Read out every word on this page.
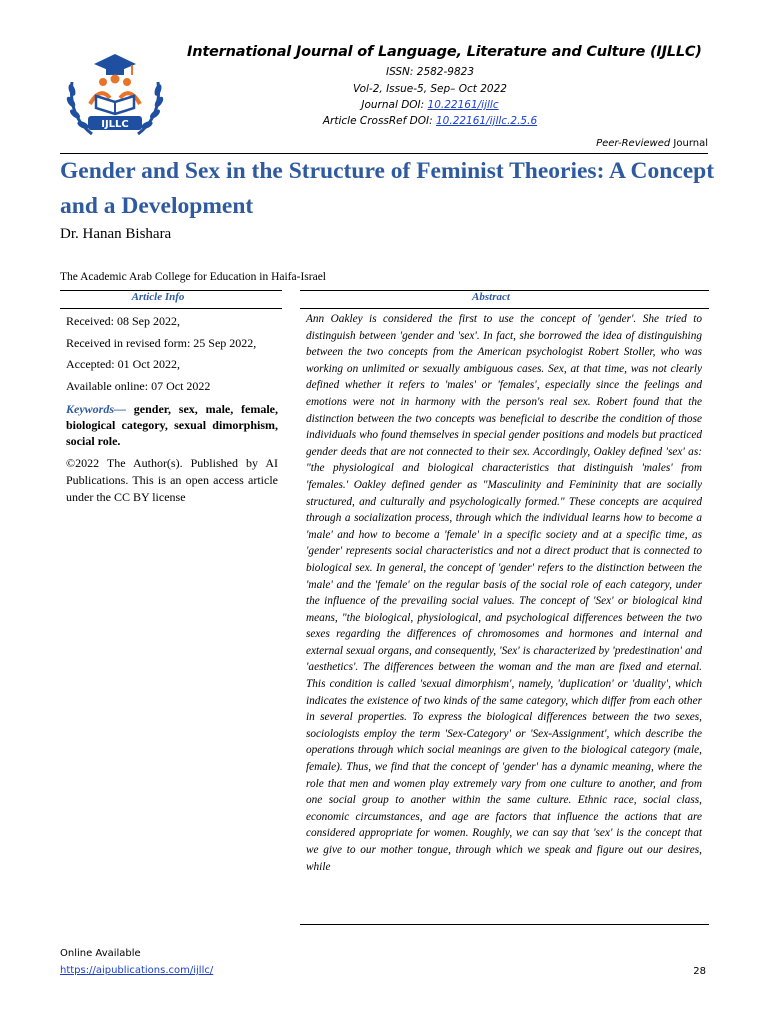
IJLLC
International Journal of Language, Literature and Culture (IJLLC)
ISSN: 2582-9823
Vol-2, Issue-5, Sep– Oct 2022
Journal DOI: 10.22161/ijllc
Article CrossRef DOI: 10.22161/ijllc.2.5.6
Peer-Reviewed Journal
Gender and Sex in the Structure of Feminist Theories: A Concept and a Development
Dr. Hanan Bishara
The Academic Arab College for Education in Haifa-Israel
Article Info	Abstract
Received: 08 Sep 2022,
Received in revised form: 25 Sep 2022,
Accepted: 01 Oct 2022,
Available online: 07 Oct 2022
Keywords— gender, sex, male, female, biological category, sexual dimorphism, social role.
©2022 The Author(s). Published by AI Publications. This is an open access article under the CC BY license
Ann Oakley is considered the first to use the concept of 'gender'. She tried to distinguish between 'gender and 'sex'. In fact, she borrowed the idea of distinguishing between the two concepts from the American psychologist Robert Stoller, who was working on unlimited or sexually ambiguous cases. Sex, at that time, was not clearly defined whether it refers to 'males' or 'females', especially since the feelings and emotions were not in harmony with the person's real sex. Robert found that the distinction between the two concepts was beneficial to describe the condition of those individuals who found themselves in special gender positions and models but practiced gender deeds that are not connected to their sex. Accordingly, Oakley defined 'sex' as: "the physiological and biological characteristics that distinguish 'males' from 'females.' Oakley defined gender as "Masculinity and Femininity that are socially structured, and culturally and psychologically formed." These concepts are acquired through a socialization process, through which the individual learns how to become a 'male' and how to become a 'female' in a specific society and at a specific time, as 'gender' represents social characteristics and not a direct product that is connected to biological sex. In general, the concept of 'gender' refers to the distinction between the 'male' and the 'female' on the regular basis of the social role of each category, under the influence of the prevailing social values. The concept of 'Sex' or biological kind means, "the biological, physiological, and psychological differences between the two sexes regarding the differences of chromosomes and hormones and internal and external sexual organs, and consequently, 'Sex' is characterized by 'predestination' and 'aesthetics'. The differences between the woman and the man are fixed and eternal. This condition is called 'sexual dimorphism', namely, 'duplication' or 'duality', which indicates the existence of two kinds of the same category, which differ from each other in several properties. To express the biological differences between the two sexes, sociologists employ the term 'Sex-Category' or 'Sex-Assignment', which describe the operations through which social meanings are given to the biological category (male, female). Thus, we find that the concept of 'gender' has a dynamic meaning, where the role that men and women play extremely vary from one culture to another, and from one social group to another within the same culture. Ethnic race, social class, economic circumstances, and age are factors that influence the actions that are considered appropriate for women. Roughly, we can say that 'sex' is the concept that we give to our mother tongue, through which we speak and figure out our desires, while
Online Available
https://aipublications.com/ijllc/	28
